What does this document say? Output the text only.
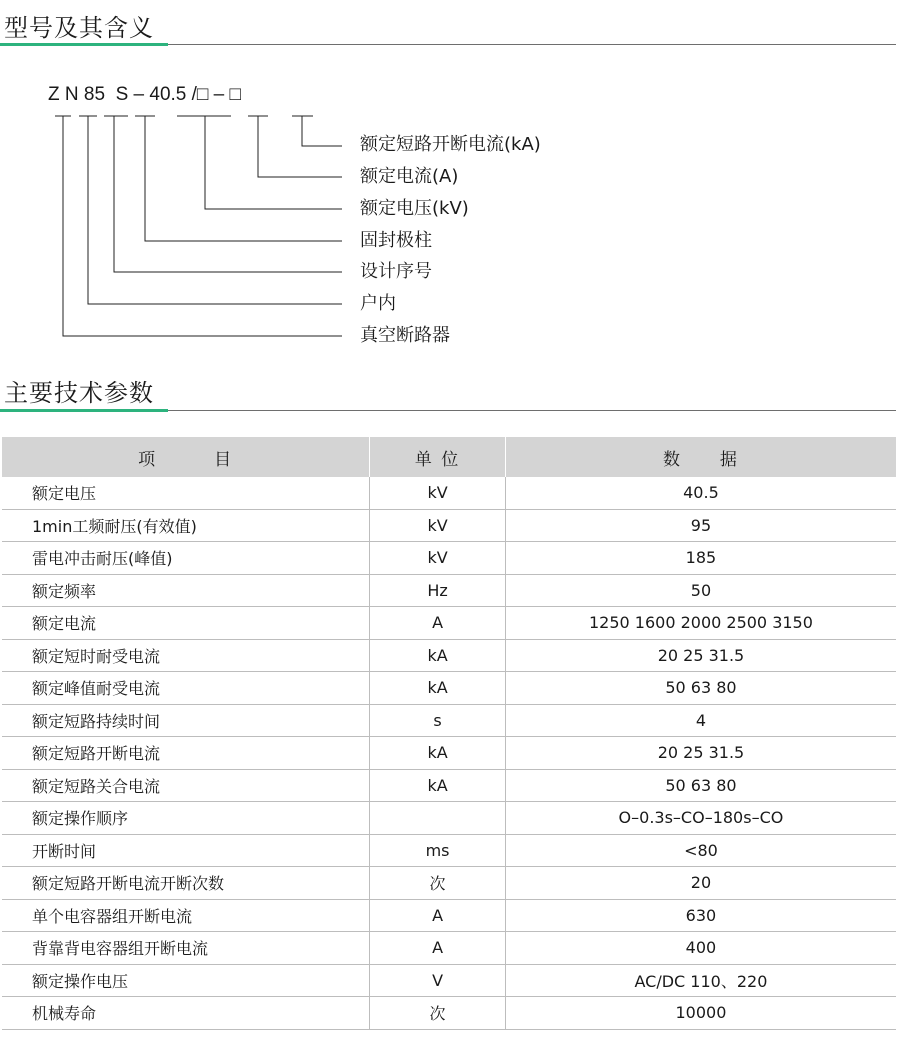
型号及其含义
Z N 85  S – 40.5 /□ – □
额定短路开断电流(kA)
额定电流(A)
额定电压(kV)
固封极柱
设计序号
户内
真空断路器
主要技术参数
项　　　目	单 位	数　　据
额定电压	kV	40.5
1min工频耐压(有效值)	kV	95
雷电冲击耐压(峰值)	kV	185
额定频率	Hz	50
额定电流	A	1250 1600 2000 2500 3150
额定短时耐受电流	kA	20 25 31.5
额定峰值耐受电流	kA	50 63 80
额定短路持续时间	s	4
额定短路开断电流	kA	20 25 31.5
额定短路关合电流	kA	50 63 80
额定操作顺序		O–0.3s–CO–180s–CO
开断时间	ms	<80
额定短路开断电流开断次数	次	20
单个电容器组开断电流	A	630
背靠背电容器组开断电流	A	400
额定操作电压	V	AC/DC 110、220
机械寿命	次	10000
